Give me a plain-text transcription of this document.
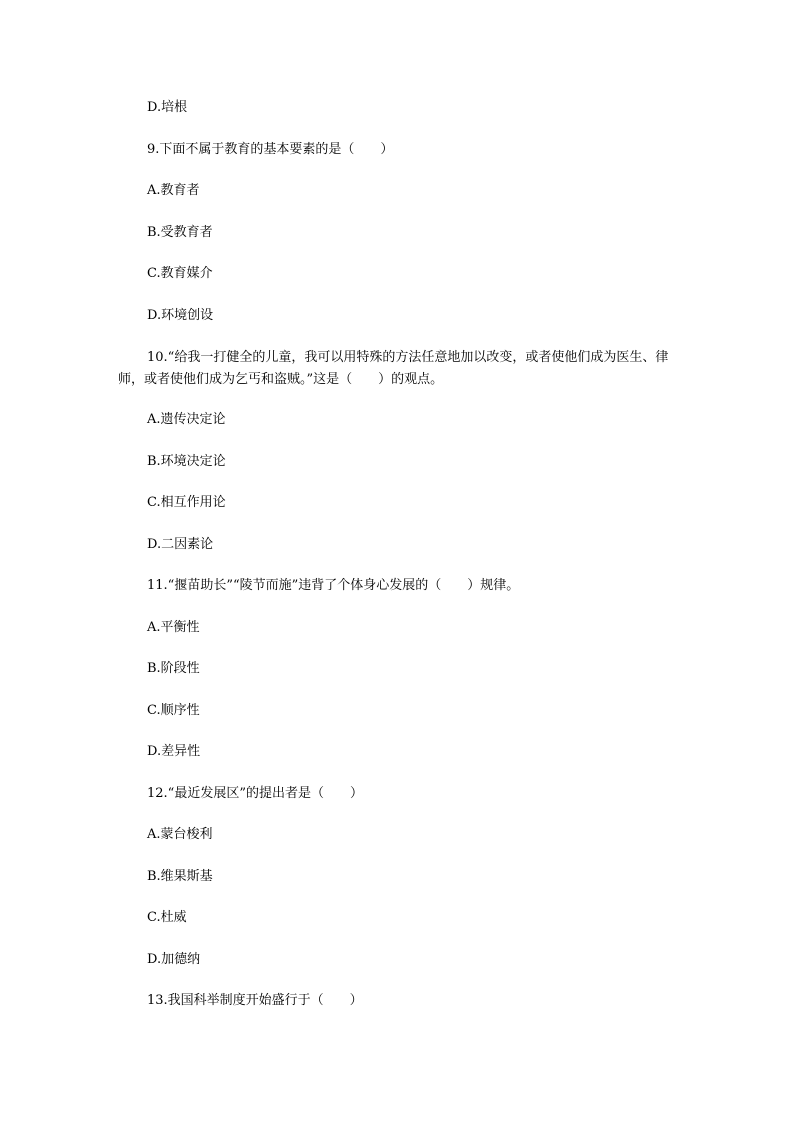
D.培根
9.下面不属于教育的基本要素的是（　　）
A.教育者
B.受教育者
C.教育媒介
D.环境创设
10.“给我一打健全的儿童，我可以用特殊的方法任意地加以改变，或者使他们成为医生、律师，或者使他们成为乞丐和盗贼。”这是（　　）的观点。
A.遗传决定论
B.环境决定论
C.相互作用论
D.二因素论
11.“揠苗助长”“陵节而施”违背了个体身心发展的（　　）规律。
A.平衡性
B.阶段性
C.顺序性
D.差异性
12.“最近发展区”的提出者是（　　）
A.蒙台梭利
B.维果斯基
C.杜威
D.加德纳
13.我国科举制度开始盛行于（　　）
